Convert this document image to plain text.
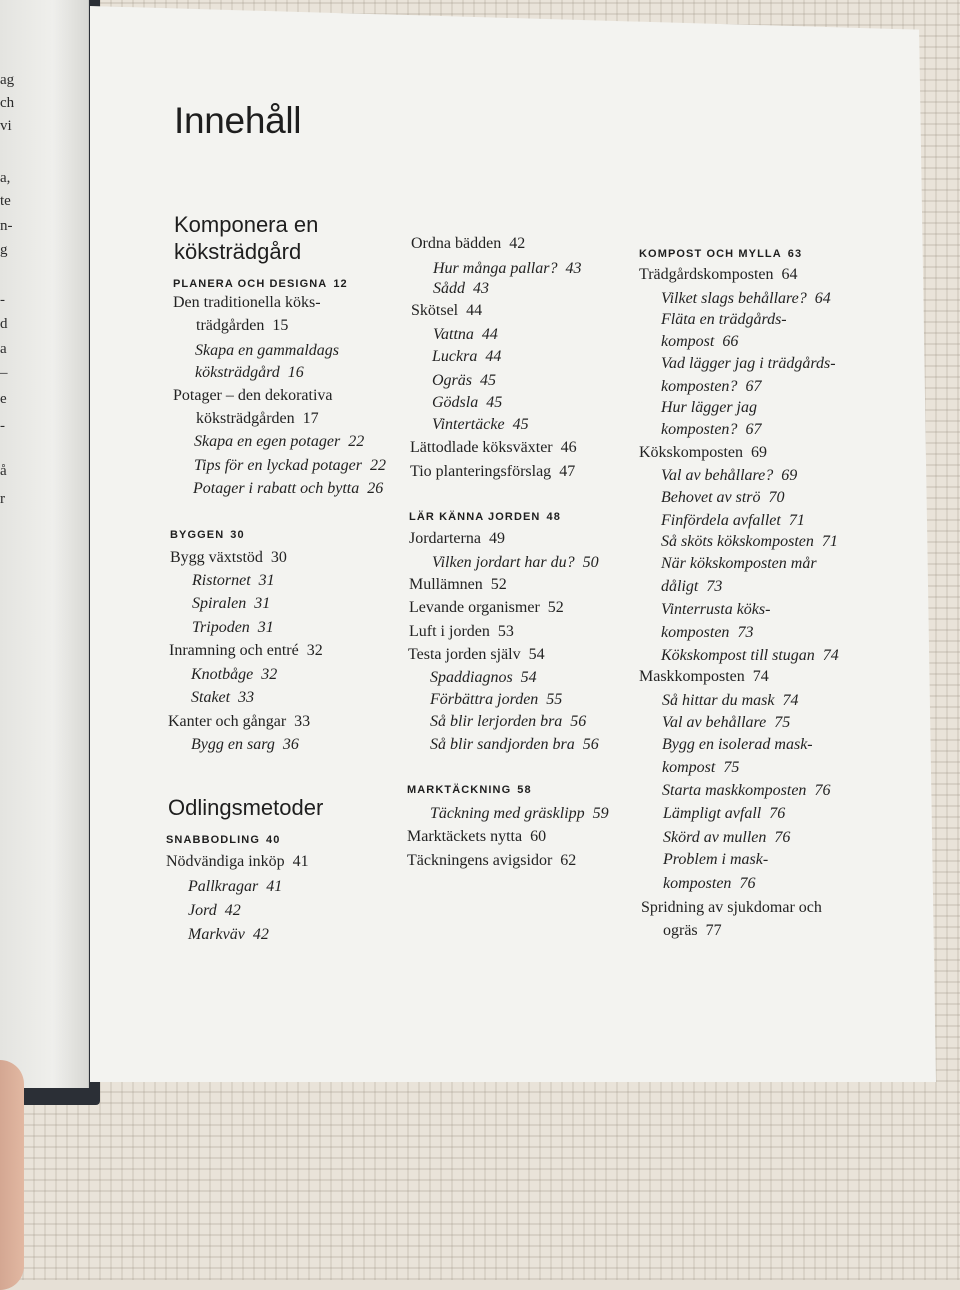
ag
ch
vi
a,
te
n-
g
-
d
a
–
e
-
å
r
Innehåll
Komponera en
köksträdgård
PLANERA OCH DESIGNA 12
Den traditionella köks-
trädgården 15
Skapa en gammaldags
köksträdgård 16
Potager – den dekorativa
köksträdgården 17
Skapa en egen potager 22
Tips för en lyckad potager 22
Potager i rabatt och bytta 26
BYGGEN 30
Bygg växtstöd 30
Ristornet 31
Spiralen 31
Tripoden 31
Inramning och entré 32
Knotbåge 32
Staket 33
Kanter och gångar 33
Bygg en sarg 36
Odlingsmetoder
SNABBODLING 40
Nödvändiga inköp 41
Pallkragar 41
Jord 42
Markväv 42
Ordna bädden 42
Hur många pallar? 43
Sådd 43
Skötsel 44
Vattna 44
Luckra 44
Ogräs 45
Gödsla 45
Vintertäcke 45
Lättodlade köksväxter 46
Tio planteringsförslag 47
LÄR KÄNNA JORDEN 48
Jordarterna 49
Vilken jordart har du? 50
Mullämnen 52
Levande organismer 52
Luft i jorden 53
Testa jorden själv 54
Spaddiagnos 54
Förbättra jorden 55
Så blir lerjorden bra 56
Så blir sandjorden bra 56
MARKTÄCKNING 58
Täckning med gräsklipp 59
Marktäckets nytta 60
Täckningens avigsidor 62
KOMPOST OCH MYLLA 63
Trädgårdskomposten 64
Vilket slags behållare? 64
Fläta en trädgårds-
kompost 66
Vad lägger jag i trädgårds-
komposten? 67
Hur lägger jag
komposten? 67
Kökskomposten 69
Val av behållare? 69
Behovet av strö 70
Finfördela avfallet 71
Så sköts kökskomposten 71
När kökskomposten mår
dåligt 73
Vinterrusta köks-
komposten 73
Kökskompost till stugan 74
Maskkomposten 74
Så hittar du mask 74
Val av behållare 75
Bygg en isolerad mask-
kompost 75
Starta maskkomposten 76
Lämpligt avfall 76
Skörd av mullen 76
Problem i mask-
komposten 76
Spridning av sjukdomar och
ogräs 77
